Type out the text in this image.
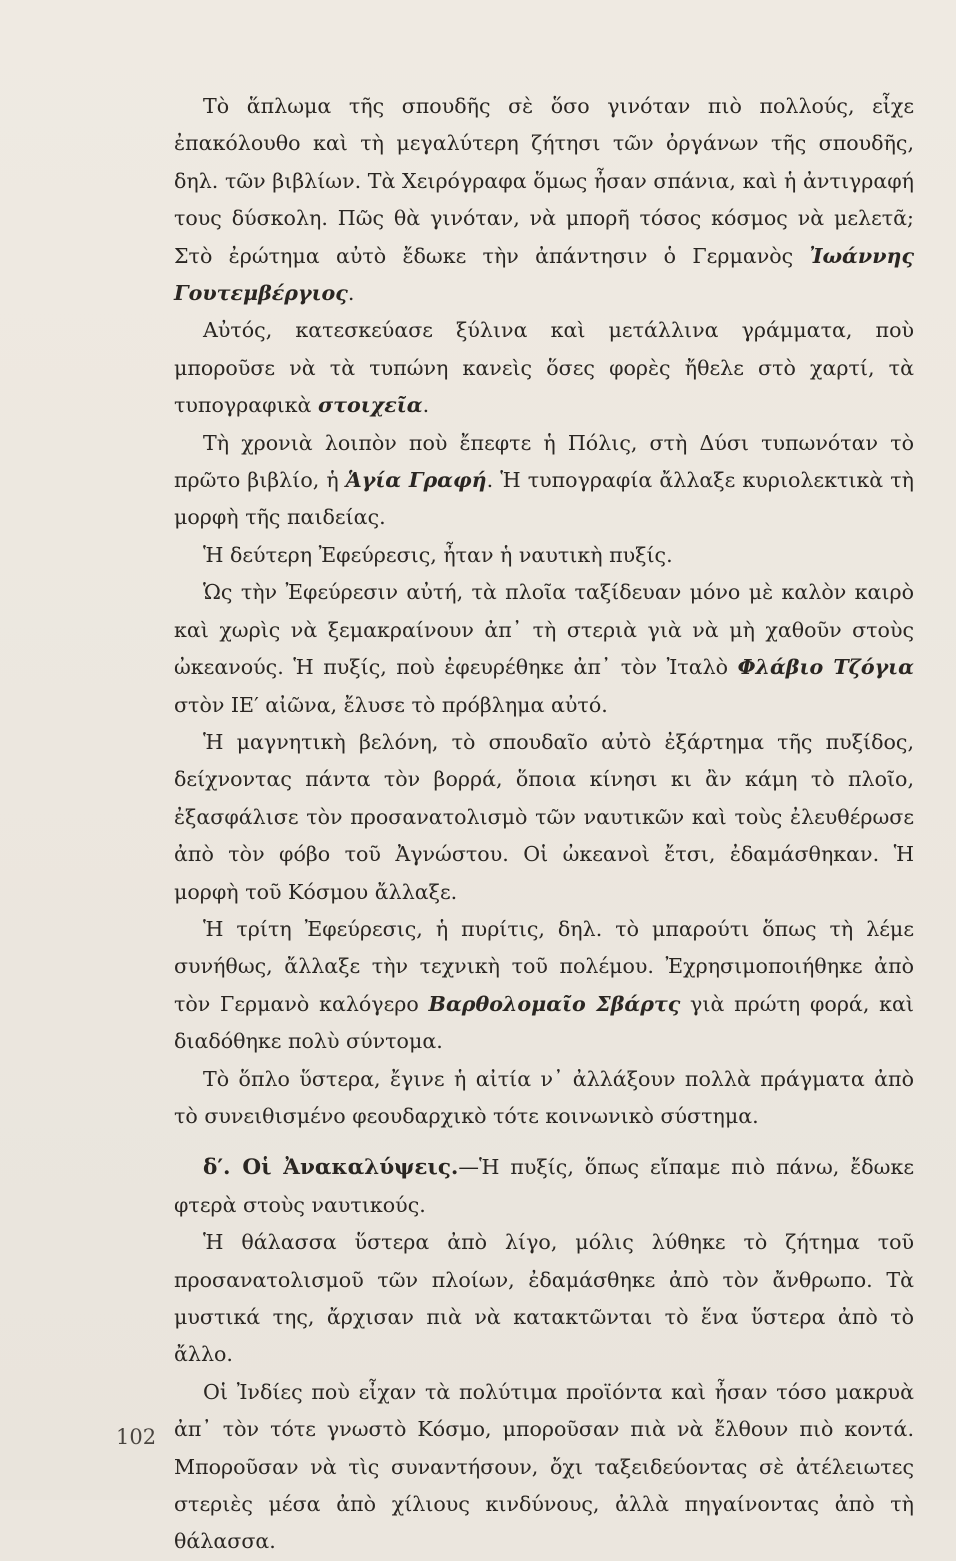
Τὸ ἅπλωμα τῆς σπουδῆς σὲ ὅσο γινόταν πιὸ πολλούς, εἶχε ἐπακόλουθο καὶ τὴ μεγαλύτερη ζήτησι τῶν ὀργάνων τῆς σπουδῆς, δηλ. τῶν βιβλίων. Τὰ Χειρόγραφα ὅμως ἦσαν σπάνια, καὶ ἡ ἀντιγραφή τους δύσκολη. Πῶς θὰ γινόταν, νὰ μπορῆ τόσος κόσμος νὰ μελετᾶ; Στὸ ἐρώτημα αὐτὸ ἔδωκε τὴν ἀπάντησιν ὁ Γερμανὸς Ἰωάννης Γουτεμβέργιος.

Αὐτός, κατεσκεύασε ξύλινα καὶ μετάλλινα γράμματα, ποὺ μποροῦσε νὰ τὰ τυπώνη κανεὶς ὅσες φορὲς ἤθελε στὸ χαρτί, τὰ τυπογραφικὰ στοιχεῖα.

Τὴ χρονιὰ λοιπὸν ποὺ ἔπεφτε ἡ Πόλις, στὴ Δύσι τυπωνόταν τὸ πρῶτο βιβλίο, ἡ Ἁγία Γραφή. Ἡ τυπογραφία ἄλλαξε κυριολεκτικὰ τὴ μορφὴ τῆς παιδείας.

Ἡ δεύτερη Ἐφεύρεσις, ἦταν ἡ ναυτικὴ πυξίς.

Ὡς τὴν Ἐφεύρεσιν αὐτή, τὰ πλοῖα ταξίδευαν μόνο μὲ καλὸν καιρὸ καὶ χωρὶς νὰ ξεμακραίνουν ἀπ᾿ τὴ στεριὰ γιὰ νὰ μὴ χαθοῦν στοὺς ὠκεανούς. Ἡ πυξίς, ποὺ ἐφευρέθηκε ἀπ᾿ τὸν Ἰταλὸ Φλάβιο Τζόγια στὸν ΙΕ′ αἰῶνα, ἔλυσε τὸ πρόβλημα αὐτό.

Ἡ μαγνητικὴ βελόνη, τὸ σπουδαῖο αὐτὸ ἐξάρτημα τῆς πυξίδος, δείχνοντας πάντα τὸν βορρά, ὅποια κίνησι κι ἂν κάμη τὸ πλοῖο, ἐξασφάλισε τὸν προσανατολισμὸ τῶν ναυτικῶν καὶ τοὺς ἐλευθέρωσε ἀπὸ τὸν φόβο τοῦ Ἀγνώστου. Οἱ ὠκεανοὶ ἔτσι, ἐδαμάσθηκαν. Ἡ μορφὴ τοῦ Κόσμου ἄλλαξε.

Ἡ τρίτη Ἐφεύρεσις, ἡ πυρίτις, δηλ. τὸ μπαρούτι ὅπως τὴ λέμε συνήθως, ἄλλαξε τὴν τεχνικὴ τοῦ πολέμου. Ἐχρησιμοποιήθηκε ἀπὸ τὸν Γερμανὸ καλόγερο Βαρθολομαῖο Σβάρτς γιὰ πρώτη φορά, καὶ διαδόθηκε πολὺ σύντομα.

Τὸ ὅπλο ὕστερα, ἔγινε ἡ αἰτία ν᾿ ἀλλάξουν πολλὰ πράγματα ἀπὸ τὸ συνειθισμένο φεουδαρχικὸ τότε κοινωνικὸ σύστημα.

δ′. Οἱ Ἀνακαλύψεις.—Ἡ πυξίς, ὅπως εἴπαμε πιὸ πάνω, ἔδωκε φτερὰ στοὺς ναυτικούς.

Ἡ θάλασσα ὕστερα ἀπὸ λίγο, μόλις λύθηκε τὸ ζήτημα τοῦ προσανατολισμοῦ τῶν πλοίων, ἐδαμάσθηκε ἀπὸ τὸν ἄνθρωπο. Τὰ μυστικά της, ἄρχισαν πιὰ νὰ κατακτῶνται τὸ ἕνα ὕστερα ἀπὸ τὸ ἄλλο.

Οἱ Ἰνδίες ποὺ εἶχαν τὰ πολύτιμα προϊόντα καὶ ἦσαν τόσο μακρυὰ ἀπ᾿ τὸν τότε γνωστὸ Κόσμο, μποροῦσαν πιὰ νὰ ἔλθουν πιὸ κοντά. Μποροῦσαν νὰ τὶς συναντήσουν, ὄχι ταξειδεύοντας σὲ ἀτέλειωτες στεριὲς μέσα ἀπὸ χίλιους κινδύνους, ἀλλὰ πηγαίνοντας ἀπὸ τὴ θάλασσα.

102
